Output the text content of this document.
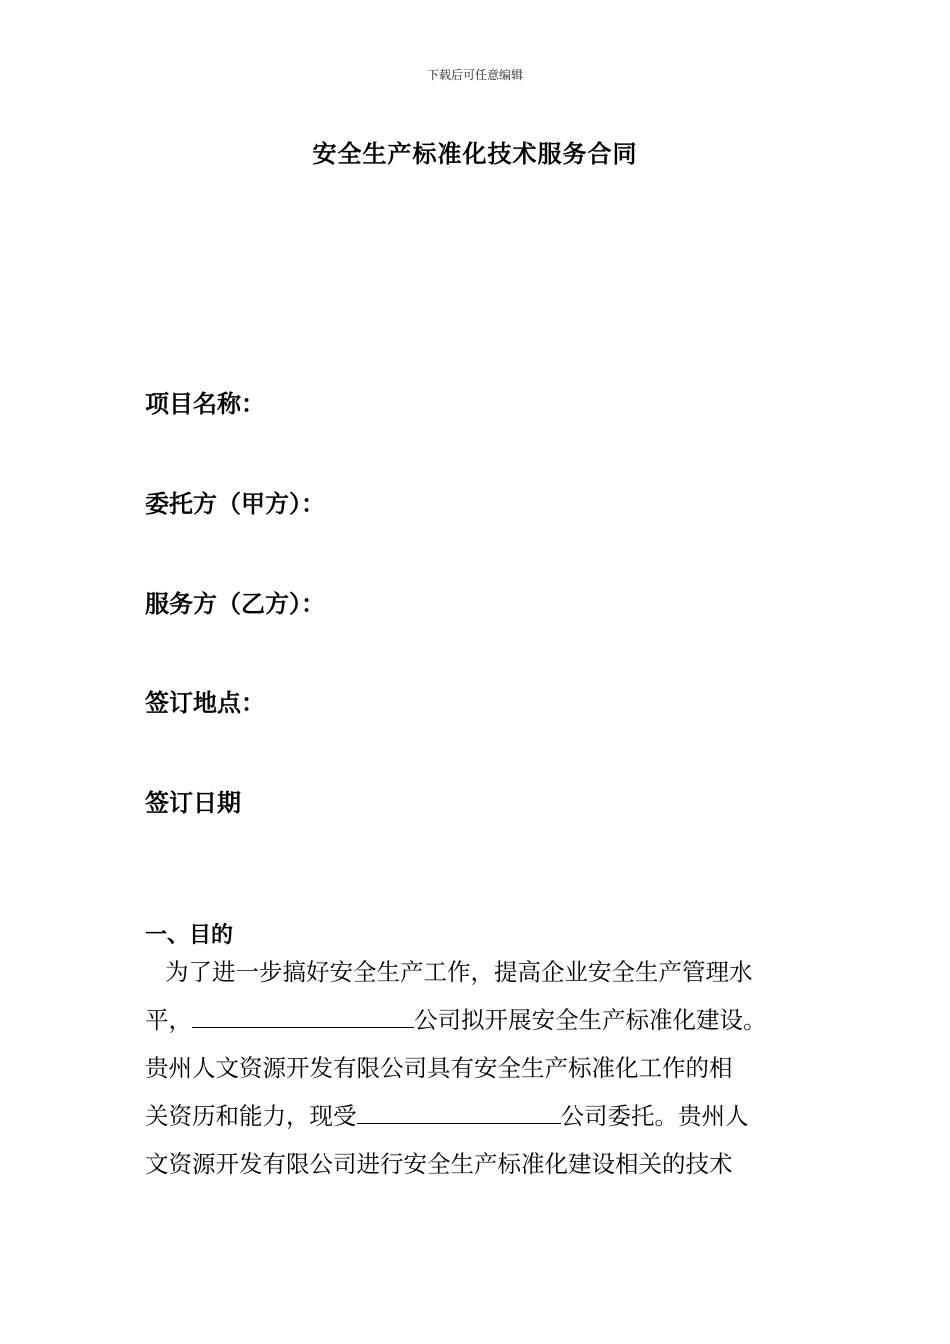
下载后可任意编辑
安全生产标准化技术服务合同
项目名称：
委托方（甲方）：
服务方（乙方）：
签订地点：
签订日期
一、目的
为了进一步搞好安全生产工作，提高企业安全生产管理水
平，	公司拟开展安全生产标准化建设。
贵州人文资源开发有限公司具有安全生产标准化工作的相
关资历和能力，现受	公司委托。贵州人
文资源开发有限公司进行安全生产标准化建设相关的技术
